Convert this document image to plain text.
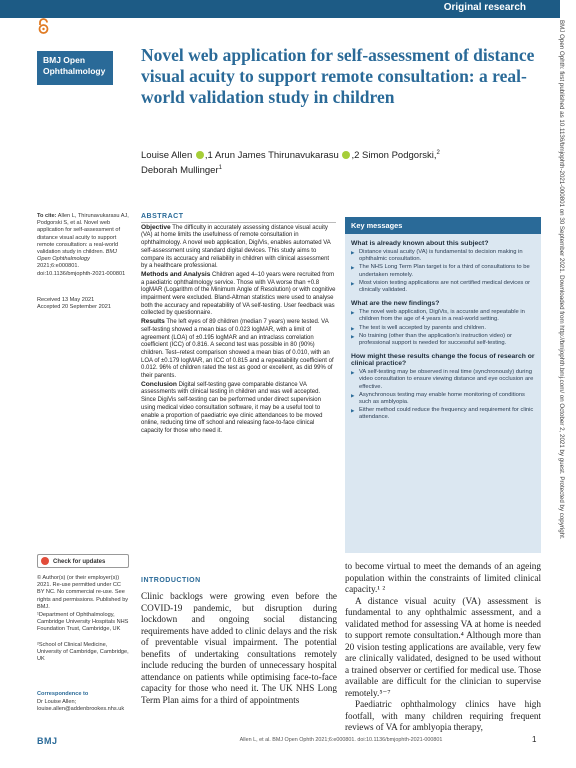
Original research
BMJ Open Ophthalmology
Novel web application for self-assessment of distance visual acuity to support remote consultation: a real-world validation study in children
Louise Allen ,1 Arun James Thirunavukarasu ,2 Simon Podgorski,$^2$
Deborah Mullinger$^1$
To cite: Allen L, Thirunavukarasu AJ, Podgorski S, et al. Novel web application for self-assessment of distance visual acuity to support remote consultation: a real-world validation study in children. BMJ Open Ophthalmology 2021;6:e000801. doi:10.1136/bmjophth-2021-000801
Received 13 May 2021
Accepted 20 September 2021
Check for updates
© Author(s) (or their employer(s)) 2021. Re-use permitted under CC BY NC. No commercial re-use. See rights and permissions. Published by BMJ.
¹Department of Ophthalmology, Cambridge University Hospitals NHS Foundation Trust, Cambridge, UK
²School of Clinical Medicine, University of Cambridge, Cambridge, UK
Correspondence to
Dr Louise Allen; louise.allen@addenbrookes.nhs.uk
ABSTRACT
Objective The difficulty in accurately assessing distance visual acuity (VA) at home limits the usefulness of remote consultation in ophthalmology. A novel web application, DigiVis, enables automated VA self-assessment using standard digital devices. This study aims to compare its accuracy and reliability in children with clinical assessment by a healthcare professional.
Methods and Analysis Children aged 4–10 years were recruited from a paediatric ophthalmology service. Those with VA worse than +0.8 logMAR (Logarithm of the Minimum Angle of Resolution) or with cognitive impairment were excluded. Bland-Altman statistics were used to analyse both the accuracy and repeatability of VA self-testing. User feedback was collected by questionnaire.
Results The left eyes of 89 children (median 7 years) were tested. VA self-testing showed a mean bias of 0.023 logMAR, with a limit of agreement (LOA) of ±0.195 logMAR and an intraclass correlation coefficient (ICC) of 0.816. A second test was possible in 80 (90%) children. Test–retest comparison showed a mean bias of 0.010, with an LOA of ±0.179 logMAR, an ICC of 0.815 and a repeatability coefficient of 0.012. 96% of children rated the test as good or excellent, as did 99% of their parents.
Conclusion Digital self-testing gave comparable distance VA assessments with clinical testing in children and was well accepted. Since DigiVis self-testing can be performed under direct supervision using medical video consultation software, it may be a useful tool to enable a proportion of paediatric eye clinic attendances to be moved online, reducing time off school and releasing face-to-face clinical capacity for those who need it.
Key messages
What is already known about this subject?
▶ Distance visual acuity (VA) is fundamental to decision making in ophthalmic consultation.
▶ The NHS Long Term Plan target is for a third of consultations to be undertaken remotely.
▶ Most vision testing applications are not certified medical devices or clinically validated.
What are the new findings?
▶ The novel web application, DigiVis, is accurate and repeatable in children from the age of 4 years in a real-world setting.
▶ The test is well accepted by parents and children.
▶ No training (other than the application's instruction video) or professional support is needed for successful self-testing.
How might these results change the focus of research or clinical practice?
▶ VA self-testing may be observed in real time (synchronously) during video consultation to ensure viewing distance and eye occlusion are effective.
▶ Asynchronous testing may enable home monitoring of conditions such as amblyopia.
▶ Either method could reduce the frequency and requirement for clinic attendance.
INTRODUCTION
Clinic backlogs were growing even before the COVID-19 pandemic, but disruption during lockdown and ongoing social distancing requirements have added to clinic delays and the risk of preventable visual impairment. The potential benefits of undertaking consultations remotely include reducing the burden of unnecessary hospital attendance on patients while optimising face-to-face capacity for those who need it. The UK NHS Long Term Plan aims for a third of appointments
to become virtual to meet the demands of an ageing population within the constraints of limited clinical capacity.¹ ²
A distance visual acuity (VA) assessment is fundamental to any ophthalmic assessment, and a validated method for assessing VA at home is needed to support remote consultation.⁴ Although more than 20 vision testing applications are available, very few are clinically validated, designed to be used without a trained observer or certified for medical use. Those available are difficult for the clinician to supervise remotely.⁵⁻⁷
Paediatric ophthalmology clinics have high footfall, with many children requiring frequent reviews of VA for amblyopia therapy,
BMJ	Allen L, et al. BMJ Open Ophth 2021;6:e000801. doi:10.1136/bmjophth-2021-000801	1
BMJ Open Ophth: first published as 10.1136/bmjophth-2021-000801 on 30 September 2021. Downloaded from http://bmjophth.bmj.com/ on October 2, 2021 by guest. Protected by copyright.
